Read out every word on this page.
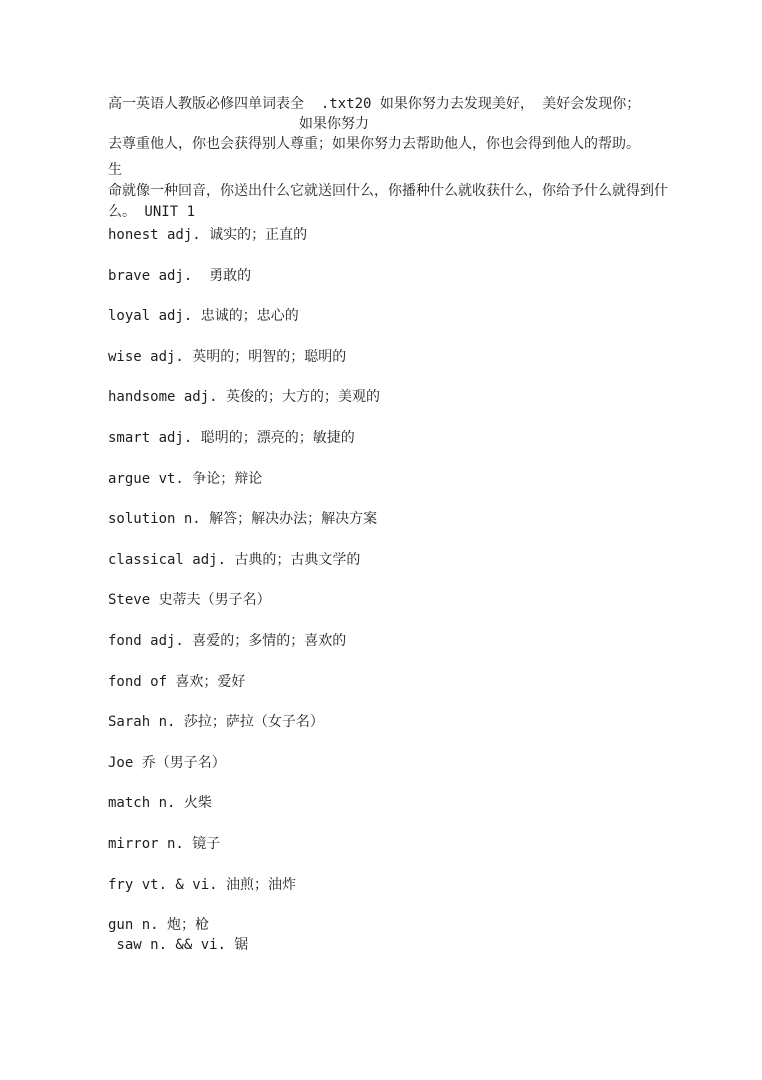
高一英语人教版必修四单词表全  .txt20 如果你努力去发现美好， 美好会发现你；
如果你努力
去尊重他人，你也会获得别人尊重；如果你努力去帮助他人，你也会得到他人的帮助。
生
命就像一种回音，你送出什么它就送回什么，你播种什么就收获什么，你给予什么就得到什
么。 UNIT 1
honest adj. 诚实的；正直的
brave adj.  勇敢的
loyal adj. 忠诚的；忠心的
wise adj. 英明的；明智的；聪明的
handsome adj. 英俊的；大方的；美观的
smart adj. 聪明的；漂亮的；敏捷的
argue vt. 争论；辩论
solution n. 解答；解决办法；解决方案
classical adj. 古典的；古典文学的
Steve 史蒂夫（男子名）
fond adj. 喜爱的；多情的；喜欢的
fond of 喜欢；爱好
Sarah n. 莎拉；萨拉（女子名）
Joe 乔（男子名）
match n. 火柴
mirror n. 镜子
fry vt. & vi. 油煎；油炸
gun n. 炮；枪
saw n. && vi. 锯
